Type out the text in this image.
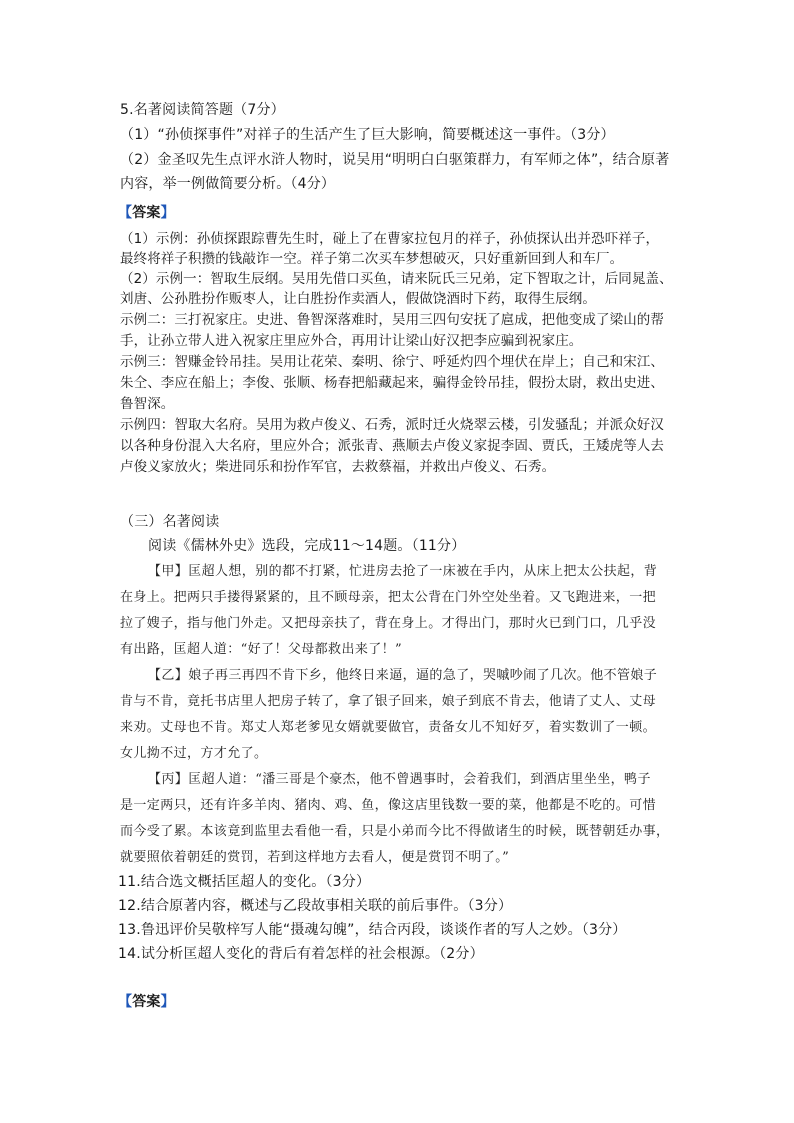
5.名著阅读简答题（7分）
（1）“孙侦探事件”对祥子的生活产生了巨大影响，简要概述这一事件。（3分）
（2）金圣叹先生点评水浒人物时，说吴用“明明白白驱策群力，有军师之体”，结合原著
内容，举一例做简要分析。（4分）
【答案】
（1）示例：孙侦探跟踪曹先生时，碰上了在曹家拉包月的祥子，孙侦探认出并恐吓祥子，
最终将祥子积攒的钱敲诈一空。祥子第二次买车梦想破灭，只好重新回到人和车厂。
（2）示例一：智取生辰纲。吴用先借口买鱼，请来阮氏三兄弟，定下智取之计，后同晁盖、
刘唐、公孙胜扮作贩枣人，让白胜扮作卖酒人，假做饶酒时下药，取得生辰纲。
示例二：三打祝家庄。史进、鲁智深落难时，吴用三四句安抚了扈成，把他变成了梁山的帮
手，让孙立带人进入祝家庄里应外合，再用计让梁山好汉把李应骗到祝家庄。
示例三：智赚金铃吊挂。吴用让花荣、秦明、徐宁、呼延灼四个埋伏在岸上；自己和宋江、
朱仝、李应在船上；李俊、张顺、杨春把船藏起来，骗得金铃吊挂，假扮太尉，救出史进、
鲁智深。
示例四：智取大名府。吴用为救卢俊义、石秀，派时迁火烧翠云楼，引发骚乱；并派众好汉
以各种身份混入大名府，里应外合；派张青、燕顺去卢俊义家捉李固、贾氏，王矮虎等人去
卢俊义家放火；柴进同乐和扮作军官，去救蔡福，并救出卢俊义、石秀。
（三）名著阅读
阅读《儒林外史》选段，完成11～14题。（11分）
【甲】匡超人想，别的都不打紧，忙进房去抢了一床被在手内，从床上把太公扶起，背
在身上。把两只手搂得紧紧的，且不顾母亲，把太公背在门外空处坐着。又飞跑进来，一把
拉了嫂子，指与他门外走。又把母亲扶了，背在身上。才得出门，那时火已到门口，几乎没
有出路，匡超人道：“好了！父母都救出来了！”
【乙】娘子再三再四不肯下乡，他终日来逼，逼的急了，哭嘁吵闹了几次。他不管娘子
肯与不肯，竟托书店里人把房子转了，拿了银子回来，娘子到底不肯去，他请了丈人、丈母
来劝。丈母也不肯。郑丈人郑老爹见女婿就要做官，责备女儿不知好歹，着实数训了一顿。
女儿拗不过，方才允了。
【丙】匡超人道：“潘三哥是个豪杰，他不曾遇事时，会着我们，到酒店里坐坐，鸭子
是一定两只，还有许多羊肉、猪肉、鸡、鱼，像这店里钱数一要的菜，他都是不吃的。可惜
而今受了累。本该竟到监里去看他一看，只是小弟而今比不得做诸生的时候，既替朝廷办事，
就要照依着朝廷的赏罚，若到这样地方去看人，便是赏罚不明了。”
11.结合选文概括匡超人的变化。（3分）
12.结合原著内容，概述与乙段故事相关联的前后事件。（3分）
13.鲁迅评价吴敬梓写人能“摄魂勾魄”，结合丙段，谈谈作者的写人之妙。（3分）
14.试分析匡超人变化的背后有着怎样的社会根源。（2分）
【答案】
